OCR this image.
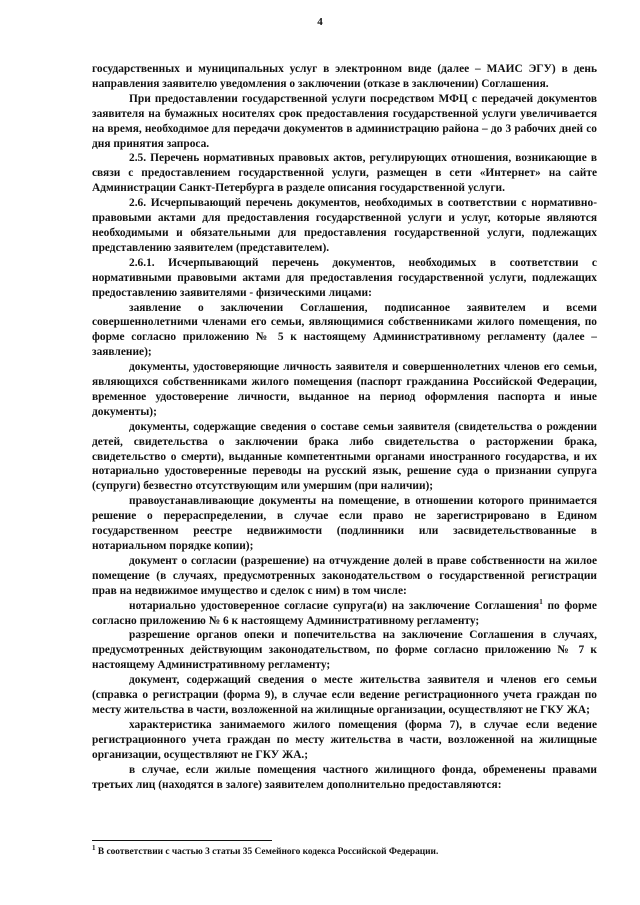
4

государственных и муниципальных услуг в электронном виде (далее – МАИС ЭГУ) в день направления заявителю уведомления о заключении (отказе в заключении) Соглашения.

При предоставлении государственной услуги посредством МФЦ с передачей документов заявителя на бумажных носителях срок предоставления государственной услуги увеличивается на время, необходимое для передачи документов в администрацию района – до 3 рабочих дней со дня принятия запроса.

2.5. Перечень нормативных правовых актов, регулирующих отношения, возникающие в связи с предоставлением государственной услуги, размещен в сети «Интернет» на сайте Администрации Санкт-Петербурга в разделе описания государственной услуги.

2.6. Исчерпывающий перечень документов, необходимых в соответствии с нормативно-правовыми актами для предоставления государственной услуги и услуг, которые являются необходимыми и обязательными для предоставления государственной услуги, подлежащих представлению заявителем (представителем).

2.6.1. Исчерпывающий перечень документов, необходимых в соответствии с нормативными правовыми актами для предоставления государственной услуги, подлежащих предоставлению заявителями - физическими лицами:

заявление о заключении Соглашения, подписанное заявителем и всеми совершеннолетними членами его семьи, являющимися собственниками жилого помещения, по форме согласно приложению № 5 к настоящему Административному регламенту (далее – заявление);

документы, удостоверяющие личность заявителя и совершеннолетних членов его семьи, являющихся собственниками жилого помещения (паспорт гражданина Российской Федерации, временное удостоверение личности, выданное на период оформления паспорта и иные документы);

документы, содержащие сведения о составе семьи заявителя (свидетельства о рождении детей, свидетельства о заключении брака либо свидетельства о расторжении брака, свидетельство о смерти), выданные компетентными органами иностранного государства, и их нотариально удостоверенные переводы на русский язык, решение суда о признании супруга (супруги) безвестно отсутствующим или умершим (при наличии);

правоустанавливающие документы на помещение, в отношении которого принимается решение о перераспределении, в случае если право не зарегистрировано в Едином государственном реестре недвижимости (подлинники или засвидетельствованные в нотариальном порядке копии);

документ о согласии (разрешение) на отчуждение долей в праве собственности на жилое помещение (в случаях, предусмотренных законодательством о государственной регистрации прав на недвижимое имущество и сделок с ним) в том числе:

нотариально удостоверенное согласие супруга(и) на заключение Соглашения$^1$ по форме согласно приложению № 6 к настоящему Административному регламенту;

разрешение органов опеки и попечительства на заключение Соглашения в случаях, предусмотренных действующим законодательством, по форме согласно приложению № 7 к настоящему Административному регламенту;

документ, содержащий сведения о месте жительства заявителя и членов его семьи (справка о регистрации (форма 9), в случае если ведение регистрационного учета граждан по месту жительства в части, возложенной на жилищные организации, осуществляют не ГКУ ЖА;

характеристика занимаемого жилого помещения (форма 7), в случае если ведение регистрационного учета граждан по месту жительства в части, возложенной на жилищные организации, осуществляют не ГКУ ЖА.;

в случае, если жилые помещения частного жилищного фонда, обременены правами третьих лиц (находятся в залоге) заявителем дополнительно предоставляются:

$^1$ В соответствии с частью 3 статьи 35 Семейного кодекса Российской Федерации.
